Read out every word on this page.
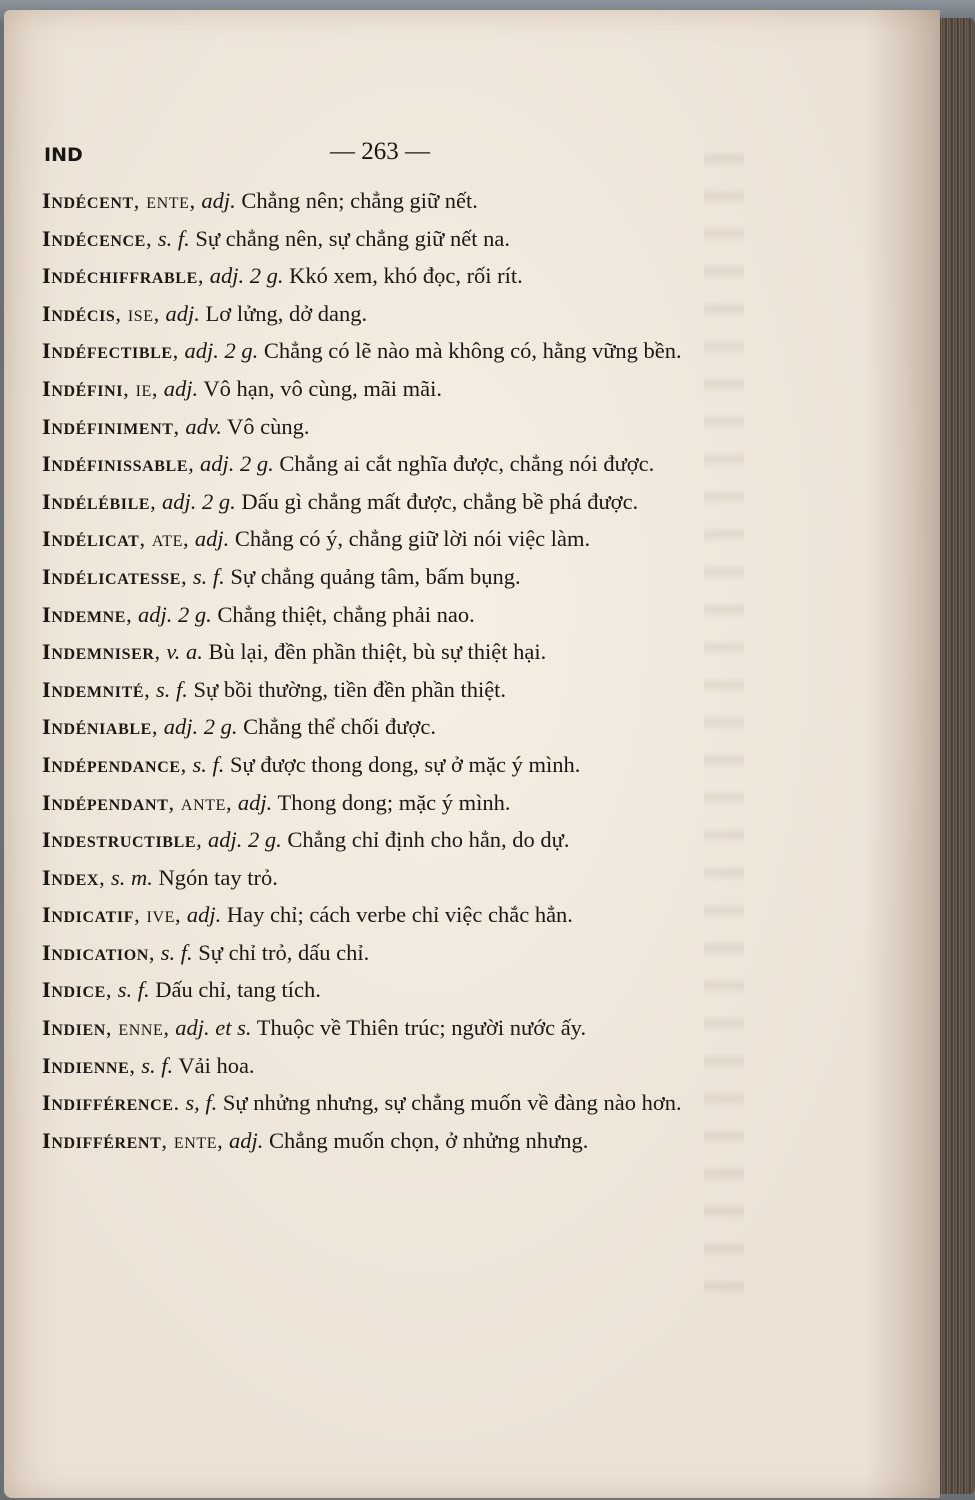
IND	— 263 —
Indécent, ente, adj. Chẳng nên; chẳng giữ nết.
Indécence, s. f. Sự chẳng nên, sự chẳng giữ nết na.
Indéchiffrable, adj. 2 g. Kkó xem, khó đọc, rối rít.
Indécis, ise, adj. Lơ lửng, dở dang.
Indéfectible, adj. 2 g. Chẳng có lẽ nào mà không có, hằng vững bền.
Indéfini, ie, adj. Vô hạn, vô cùng, mãi mãi.
Indéfiniment, adv. Vô cùng.
Indéfinissable, adj. 2 g. Chẳng ai cắt nghĩa được, chẳng nói được.
Indélébile, adj. 2 g. Dấu gì chẳng mất được, chẳng bề phá được.
Indélicat, ate, adj. Chẳng có ý, chẳng giữ lời nói việc làm.
Indélicatesse, s. f. Sự chẳng quảng tâm, bấm bụng.
Indemne, adj. 2 g. Chẳng thiệt, chẳng phải nao.
Indemniser, v. a. Bù lại, đền phần thiệt, bù sự thiệt hại.
Indemnité, s. f. Sự bồi thường, tiền đền phần thiệt.
Indéniable, adj. 2 g. Chẳng thể chối được.
Indépendance, s. f. Sự được thong dong, sự ở mặc ý mình.
Indépendant, ante, adj. Thong dong; mặc ý mình.
Indestructible, adj. 2 g. Chẳng chỉ định cho hẳn, do dự.
Index, s. m. Ngón tay trỏ.
Indicatif, ive, adj. Hay chỉ; cách verbe chỉ việc chắc hẳn.
Indication, s. f. Sự chỉ trỏ, dấu chỉ.
Indice, s. f. Dấu chỉ, tang tích.
Indien, enne, adj. et s. Thuộc về Thiên trúc; người nước ấy.
Indienne, s. f. Vải hoa.
Indifférence. s, f. Sự nhửng nhưng, sự chẳng muốn về đàng nào hơn.
Indifférent, ente, adj. Chẳng muốn chọn, ở nhửng nhưng.
